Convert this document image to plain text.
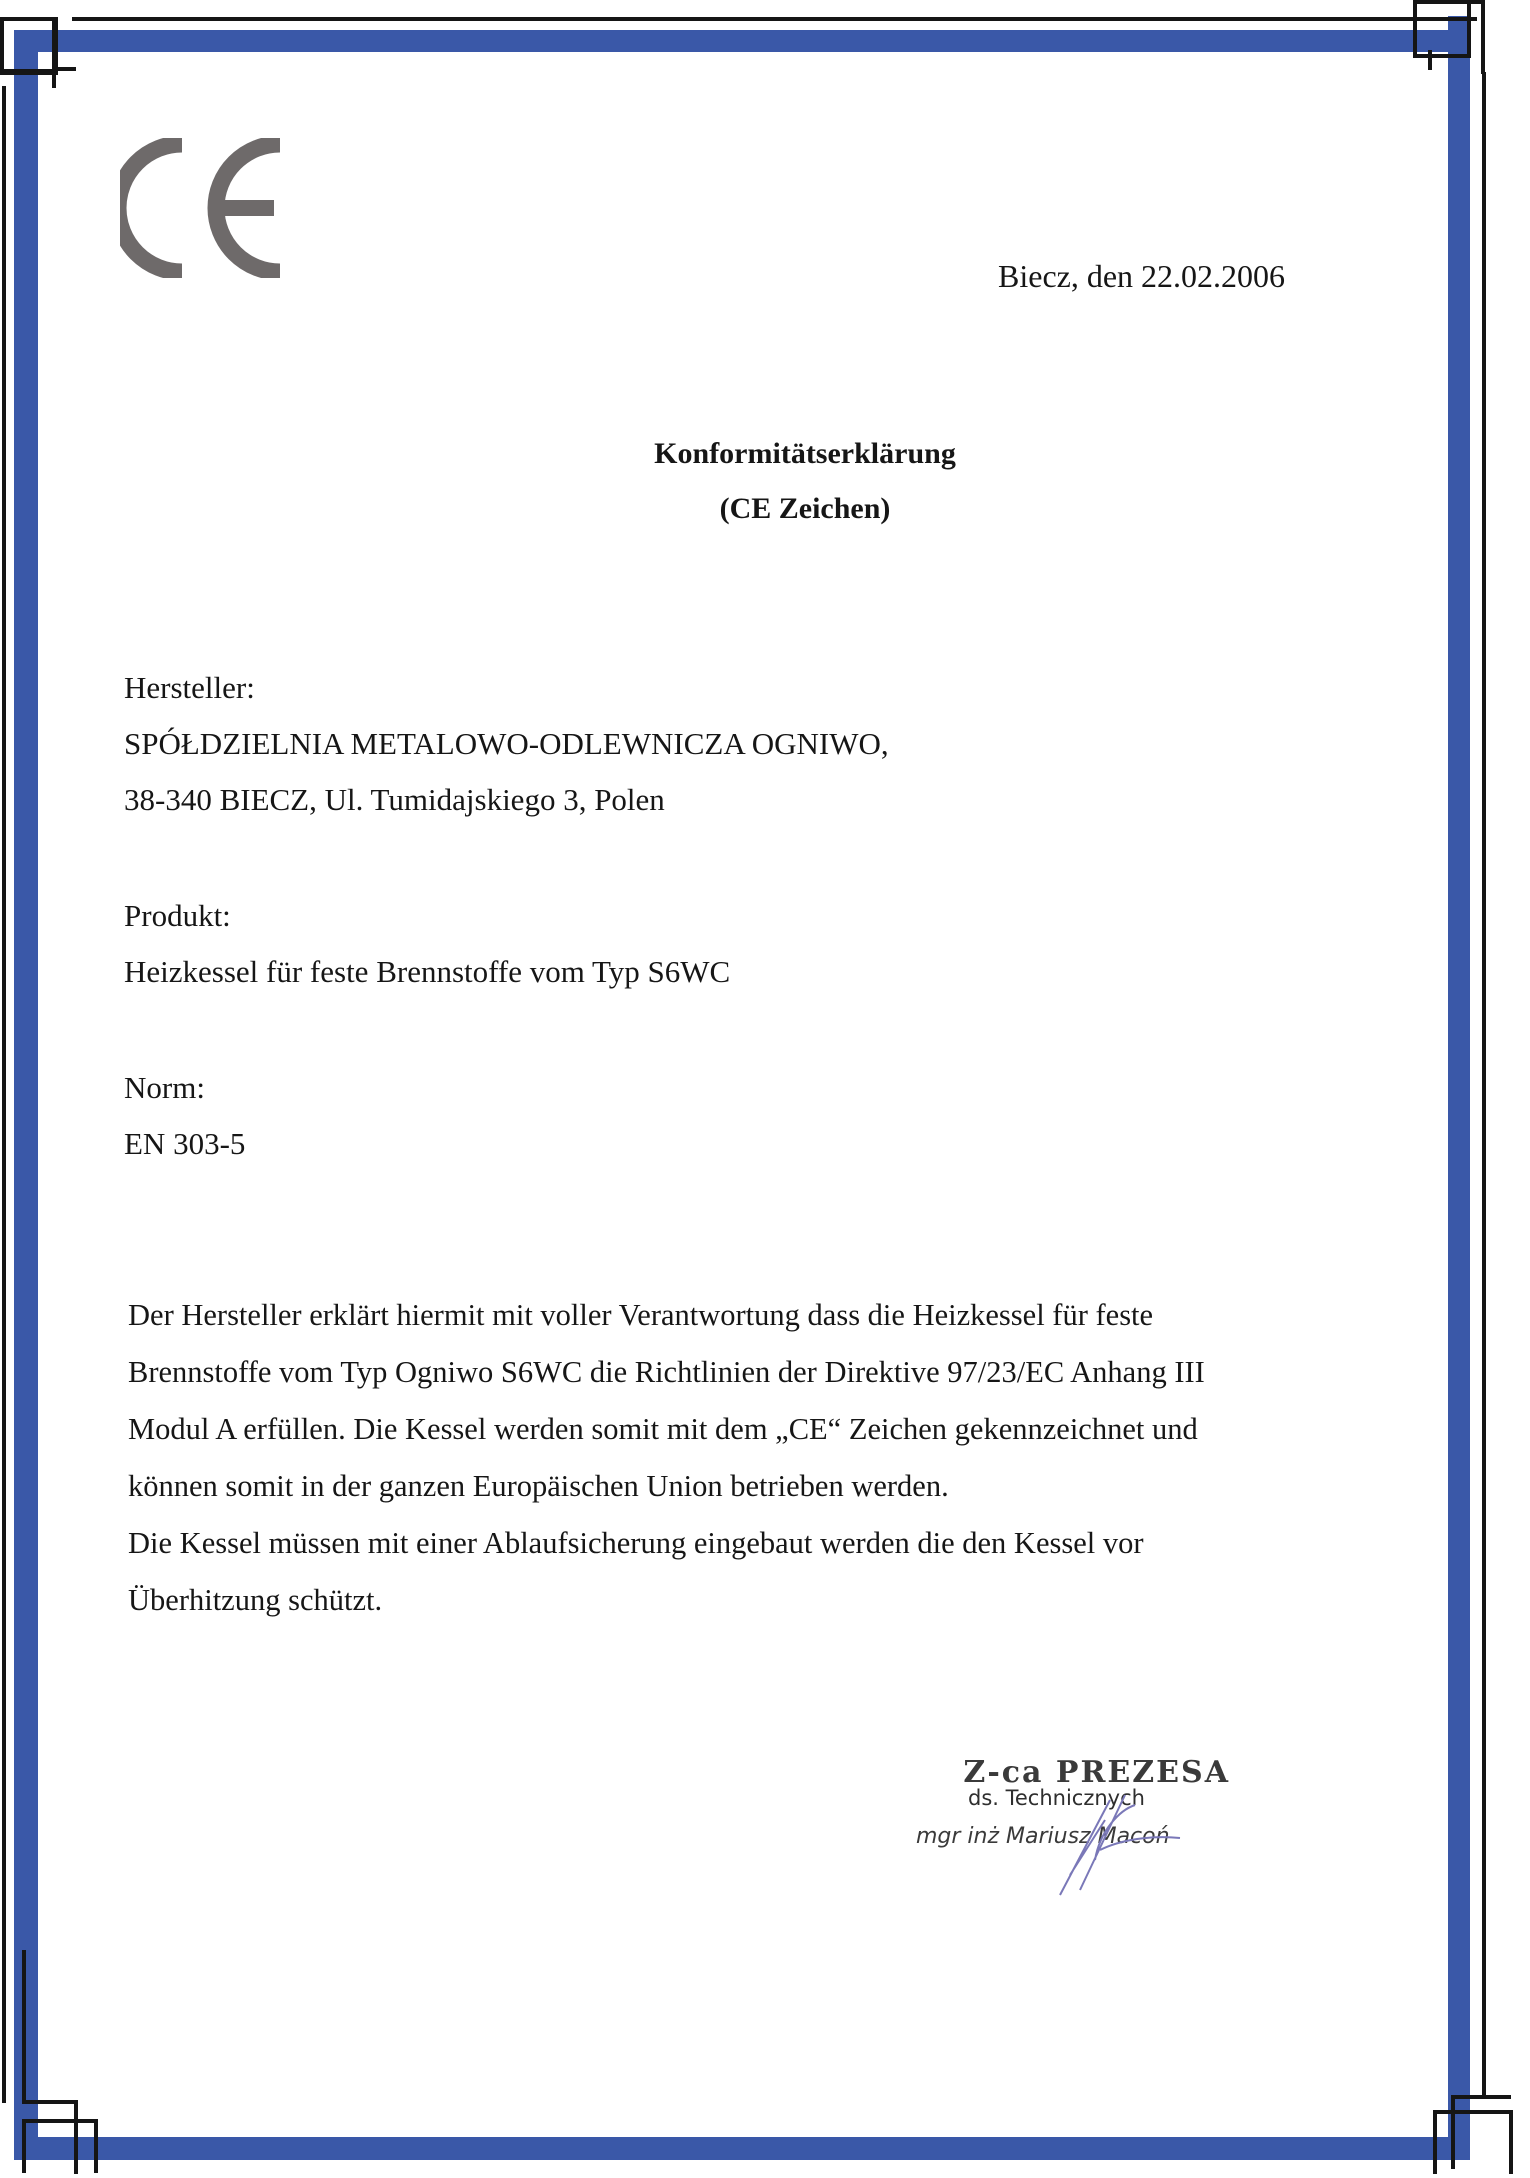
Biecz, den 22.02.2006
Konformitätserklärung
(CE Zeichen)
Hersteller:
SPÓŁDZIELNIA METALOWO-ODLEWNICZA OGNIWO,
38-340 BIECZ, Ul. Tumidajskiego 3, Polen
Produkt:
Heizkessel für feste Brennstoffe vom Typ S6WC
Norm:
EN 303-5
Der Hersteller erklärt hiermit mit voller Verantwortung dass die Heizkessel für feste
Brennstoffe vom Typ Ogniwo S6WC die Richtlinien der Direktive 97/23/EC Anhang III
Modul A erfüllen. Die Kessel werden somit mit dem „CE“ Zeichen gekennzeichnet und
können somit in der ganzen Europäischen Union betrieben werden.
Die Kessel müssen mit einer Ablaufsicherung eingebaut werden die den Kessel vor
Überhitzung schützt.
Z-ca PREZESA
ds. Technicznych
mgr inż Mariusz Macoń
